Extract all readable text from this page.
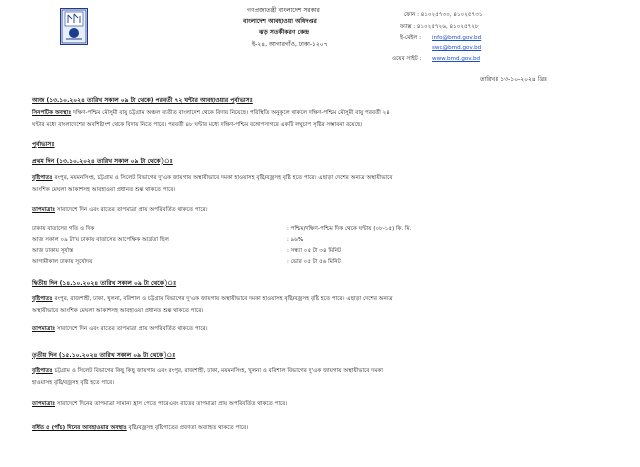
গণপ্রজাতন্ত্রী বাংলাদেশ সরকার
বাংলাদেশ আবহাওয়া অধিদপ্তর
ঝড় সতর্কীকরণ কেন্দ্র
ই-২৪, আগারগাঁও, ঢাকা-১২০৭
ফোন : ৪১০২৫৭৩০, ৪১০২৫৭৩১
ফ্যাক্স : ৪১০২৫৭২৬, ৪১০২৫৭২৮
ই-মেইল : info@bmd.gov.bd
swc@bmd.gov.bd
ওয়েব সাইট : www.bmd.gov.bd
তারিখঃ ১৩-১০-২০২৪ খ্রিঃ
আজ (১৩.১০.২০২৪ তারিখ সকাল ০৯ টা থেকে) পরবর্তী ৭২ ঘন্টার আবহাওয়ার পূর্বাভাসঃ
সিনপটিক অবস্থাঃ দক্ষিণ-পশ্চিম মৌসুমী বায়ু চট্টগ্রাম অঞ্চল ব্যতীত বাংলাদেশ থেকে বিদায় নিয়েছে। পরিস্থিতি অনুকূলে থাকলে দক্ষিণ-পশ্চিম মৌসুমী বায়ু পরবর্তী ২৪
ঘন্টার মধ্যে বাংলাদেশের অবশিষ্টাংশ থেকে বিদায় নিতে পারে। পরবর্তী ৪৮ ঘন্টার মধ্যে দক্ষিণ-পশ্চিম বঙ্গোপসাগরে একটি লঘুচাপ সৃষ্টির সম্ভাবনা রয়েছে।
পূর্বাভাসঃ
প্রথম দিন (১৩.১০.২০২৪ তারিখ সকাল ০৯ টা থেকে)ঃ
বৃষ্টিপাতঃ রংপুর, ময়মনসিংহ, চট্টগ্রাম ও সিলেট বিভাগের দু'এক জায়গায় অস্থায়ীভাবে দমকা হাওয়াসহ বৃষ্টি/বজ্রসহ বৃষ্টি হতে পারে। এছাড়া দেশের অন্যত্র অস্থায়ীভাবে
আংশিক মেঘলা আকাশসহ আবহাওয়া প্রধানত শুষ্ক থাকতে পারে।
তাপমাত্রাঃ সারাদেশে দিন এবং রাতের তাপমাত্রা প্রায় অপরিবর্তিত থাকতে পারে।
ঢাকায় বাতাসের গতি ও দিক	: পশ্চিম/দক্ষিণ-পশ্চিম দিক থেকে ঘন্টায় (০৮-১৫) কি. মি.
আজ সকাল ০৯ টা'য় ঢাকায় বাতাসের আপেক্ষিক আর্দ্রতা ছিল	: ৯৬%
আজ ঢাকায় সূর্যাস্ত	: সন্ধ্যা ০৫ টা ৩৪ মিনিট
আগামীকাল ঢাকায় সূর্যোদয়	: ভোর ০৫ টা ৫৬ মিনিট
দ্বিতীয় দিন (১৪.১০.২০২৪ তারিখ সকাল ০৯ টা থেকে)ঃ
বৃষ্টিপাতঃ রংপুর, রাজশাহী, ঢাকা, খুলনা, বরিশাল ও চট্টগ্রাম বিভাগের দু'এক জায়গায় অস্থায়ীভাবে দমকা হাওয়াসহ বৃষ্টি/বজ্রসহ বৃষ্টি হতে পারে। এছাড়া দেশের অন্যত্র
অস্থায়ীভাবে আংশিক মেঘলা আকাশসহ আবহাওয়া প্রধানত শুষ্ক থাকতে পারে।
তাপমাত্রাঃ সারাদেশে দিন এবং রাতের তাপমাত্রা প্রায় অপরিবর্তিত থাকতে পারে।
তৃতীয় দিন (১৫.১০.২০২৪ তারিখ সকাল ০৯ টা থেকে)ঃ
বৃষ্টিপাতঃ চট্টগ্রাম ও সিলেট বিভাগের কিছু কিছু জায়গায় এবং রংপুর, রাজশাহী, ঢাকা, ময়মনসিংহ, খুলনা ও বরিশাল বিভাগের দু'এক জায়গায় অস্থায়ীভাবে দমকা
হাওয়াসহ বৃষ্টি/বজ্রসহ বৃষ্টি হতে পারে।
তাপমাত্রাঃ সারাদেশে দিনের তাপমাত্রা সামান্য হ্রাস পেতে পারেএবং রাতের তাপমাত্রা প্রায় অপরিবর্তিত থাকতে পারে।
বর্ধিত ৫ (পাঁচ) দিনের আবহাওয়ার অবস্থাঃ বৃষ্টি/বজ্রসহ বৃষ্টিপাতের প্রবণতা অব্যাহত থাকতে পারে।
